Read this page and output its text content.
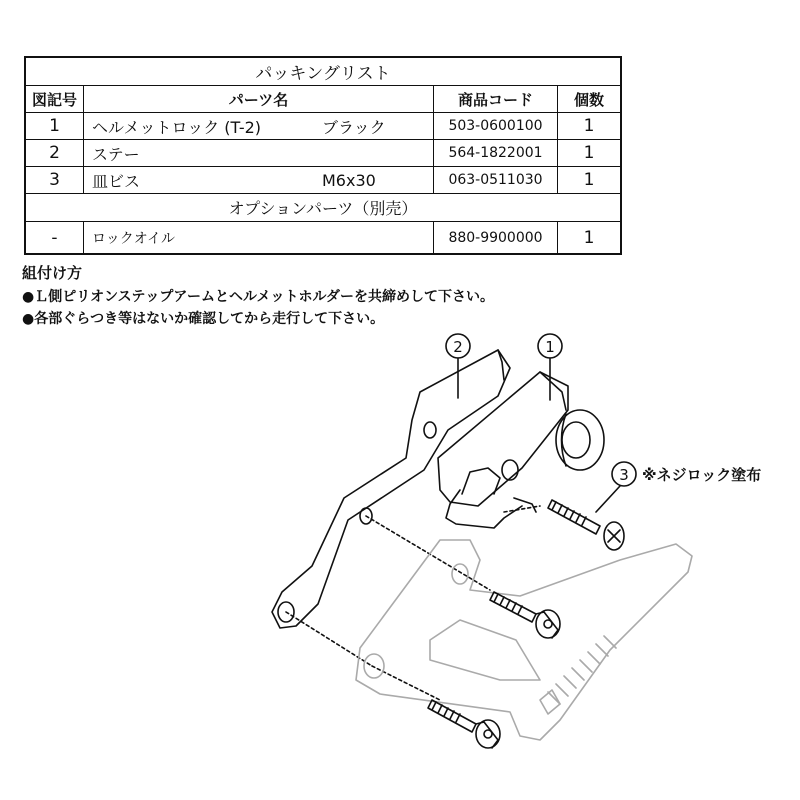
パッキングリスト
図記号	パーツ名	商品コード	個数
1	ヘルメットロック (T-2)	ブラック	503-0600100	1
2	ステー	564-1822001	1
3	皿ビス	M6x30	063-0511030	1
オプションパーツ（別売）
-	ロックオイル	880-9900000	1
組付け方
●Ｌ側ピリオンステップアームとヘルメットホルダーを共締めして下さい。
●各部ぐらつき等はないか確認してから走行して下さい。
2	1
3 ※ネジロック塗布
